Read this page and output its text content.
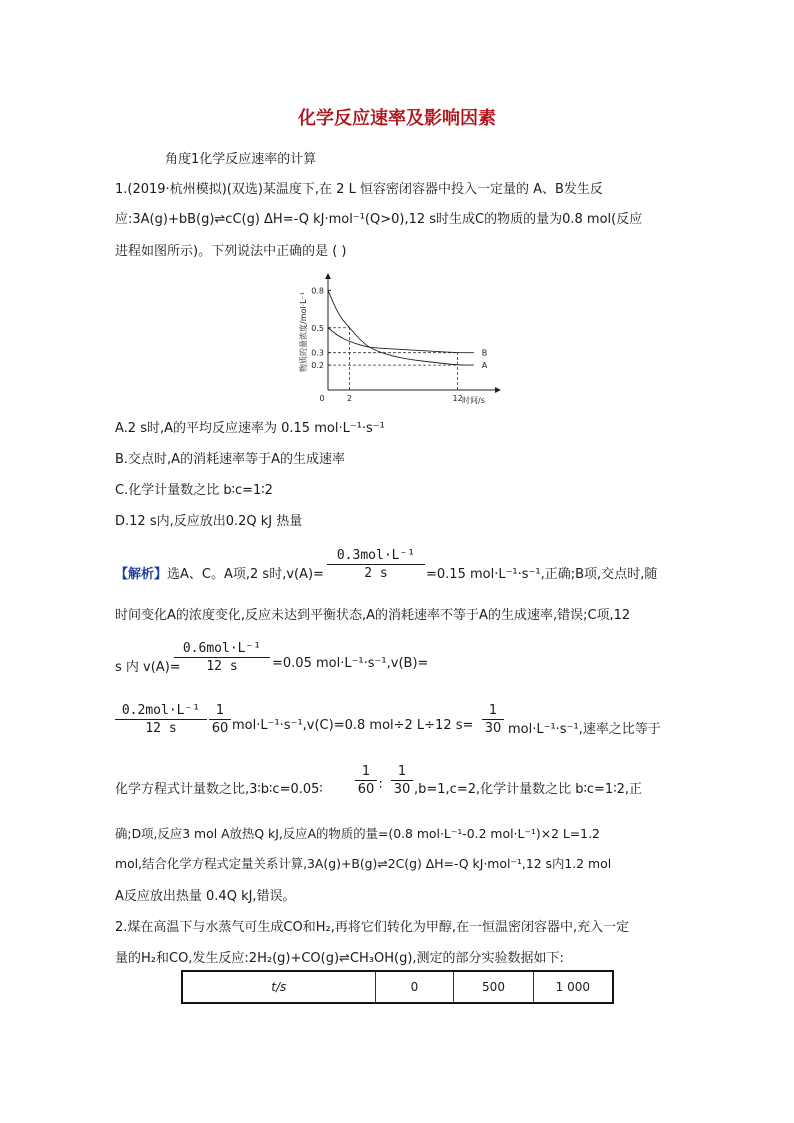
化学反应速率及影响因素
角度1化学反应速率的计算
1.(2019·杭州模拟)(双选)某温度下,在 2 L 恒容密闭容器中投入一定量的 A、B发生反
应:3A(g)+bB(g)⇌cC(g) ΔH=-Q kJ·mol⁻¹(Q>0),12 s时生成C的物质的量为0.8 mol(反应
进程如图所示)。下列说法中正确的是 ( )
物质的量浓度/mol·L⁻¹
0.8
0.5
0.3
0.2
0	2	12
A
B
时间/s
A.2 s时,A的平均反应速率为 0.15 mol·L⁻¹·s⁻¹
B.交点时,A的消耗速率等于A的生成速率
C.化学计量数之比 b∶c=1∶2
D.12 s内,反应放出0.2Q kJ 热量
【解析】选A、C。A项,2 s时,v(A)=
0.3mol·L⁻¹
2 s	=0.15 mol·L⁻¹·s⁻¹,正确;B项,交点时,随
时间变化A的浓度变化,反应未达到平衡状态,A的消耗速率不等于A的生成速率,错误;C项,12
s 内 v(A)=
0.6mol·L⁻¹
12 s	=0.05 mol·L⁻¹·s⁻¹,v(B)=
0.2mol·L⁻¹
12 s
1
60 mol·L⁻¹·s⁻¹,v(C)=0.8 mol÷2 L÷12 s=
1
30 mol·L⁻¹·s⁻¹,速率之比等于
化学方程式计量数之比,3∶b∶c=0.05∶
1
60 ∶
1
30 ,b=1,c=2,化学计量数之比 b∶c=1∶2,正
确;D项,反应3 mol A放热Q kJ,反应A的物质的量=(0.8 mol·L⁻¹-0.2 mol·L⁻¹)×2 L=1.2
mol,结合化学方程式定量关系计算,3A(g)+B(g)⇌2C(g) ΔH=-Q kJ·mol⁻¹,12 s内1.2 mol
A反应放出热量 0.4Q kJ,错误。
2.煤在高温下与水蒸气可生成CO和H₂,再将它们转化为甲醇,在一恒温密闭容器中,充入一定
量的H₂和CO,发生反应:2H₂(g)+CO(g)⇌CH₃OH(g),测定的部分实验数据如下:
t/s	0	500	1 000
